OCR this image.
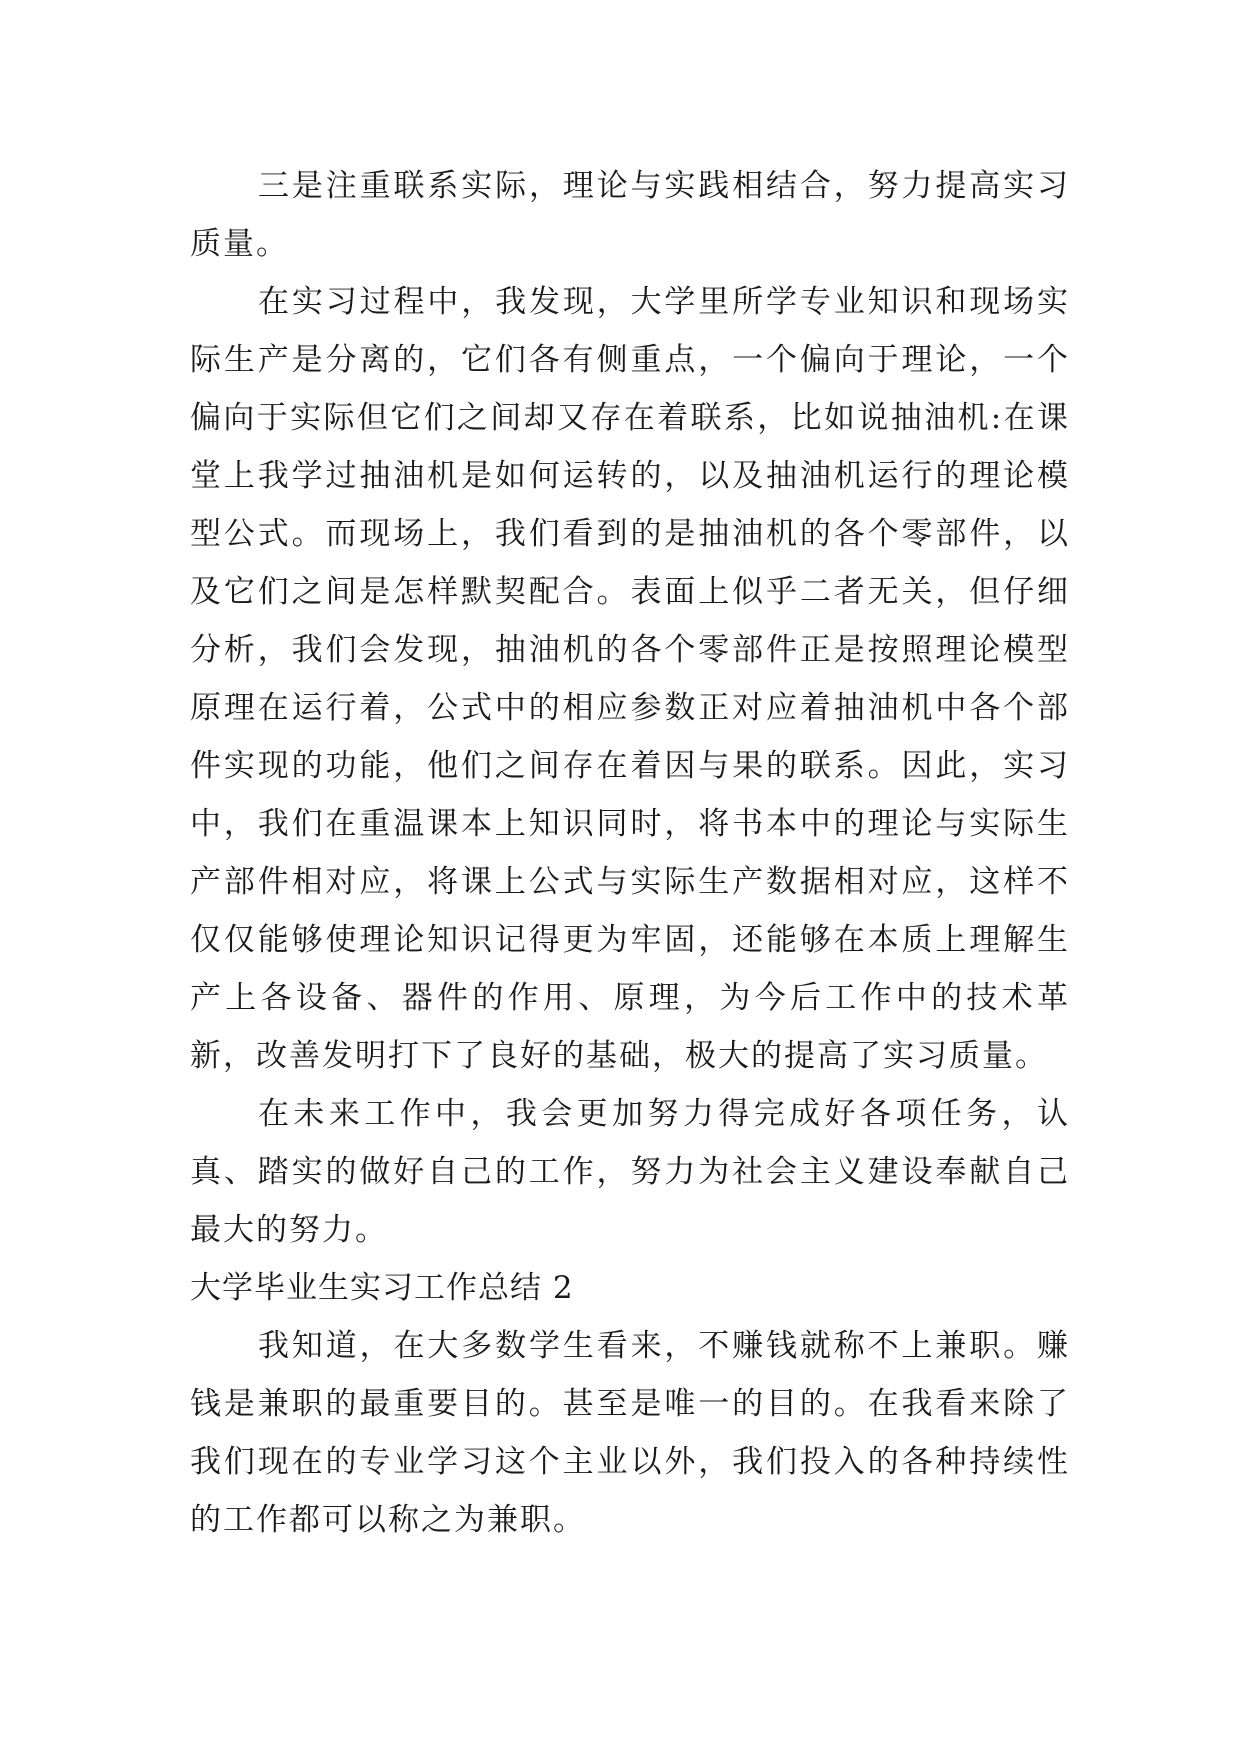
三是注重联系实际，理论与实践相结合，努力提高实习质量。

在实习过程中，我发现，大学里所学专业知识和现场实际生产是分离的，它们各有侧重点，一个偏向于理论，一个偏向于实际但它们之间却又存在着联系，比如说抽油机:在课堂上我学过抽油机是如何运转的，以及抽油机运行的理论模型公式。而现场上，我们看到的是抽油机的各个零部件，以及它们之间是怎样默契配合。表面上似乎二者无关，但仔细分析，我们会发现，抽油机的各个零部件正是按照理论模型原理在运行着，公式中的相应参数正对应着抽油机中各个部件实现的功能，他们之间存在着因与果的联系。因此，实习中，我们在重温课本上知识同时，将书本中的理论与实际生产部件相对应，将课上公式与实际生产数据相对应，这样不仅仅能够使理论知识记得更为牢固，还能够在本质上理解生产上各设备、器件的作用、原理，为今后工作中的技术革新，改善发明打下了良好的基础，极大的提高了实习质量。

在未来工作中，我会更加努力得完成好各项任务，认真、踏实的做好自己的工作，努力为社会主义建设奉献自己最大的努力。

大学毕业生实习工作总结 2

我知道，在大多数学生看来，不赚钱就称不上兼职。赚钱是兼职的最重要目的。甚至是唯一的目的。在我看来除了我们现在的专业学习这个主业以外，我们投入的各种持续性的工作都可以称之为兼职。
